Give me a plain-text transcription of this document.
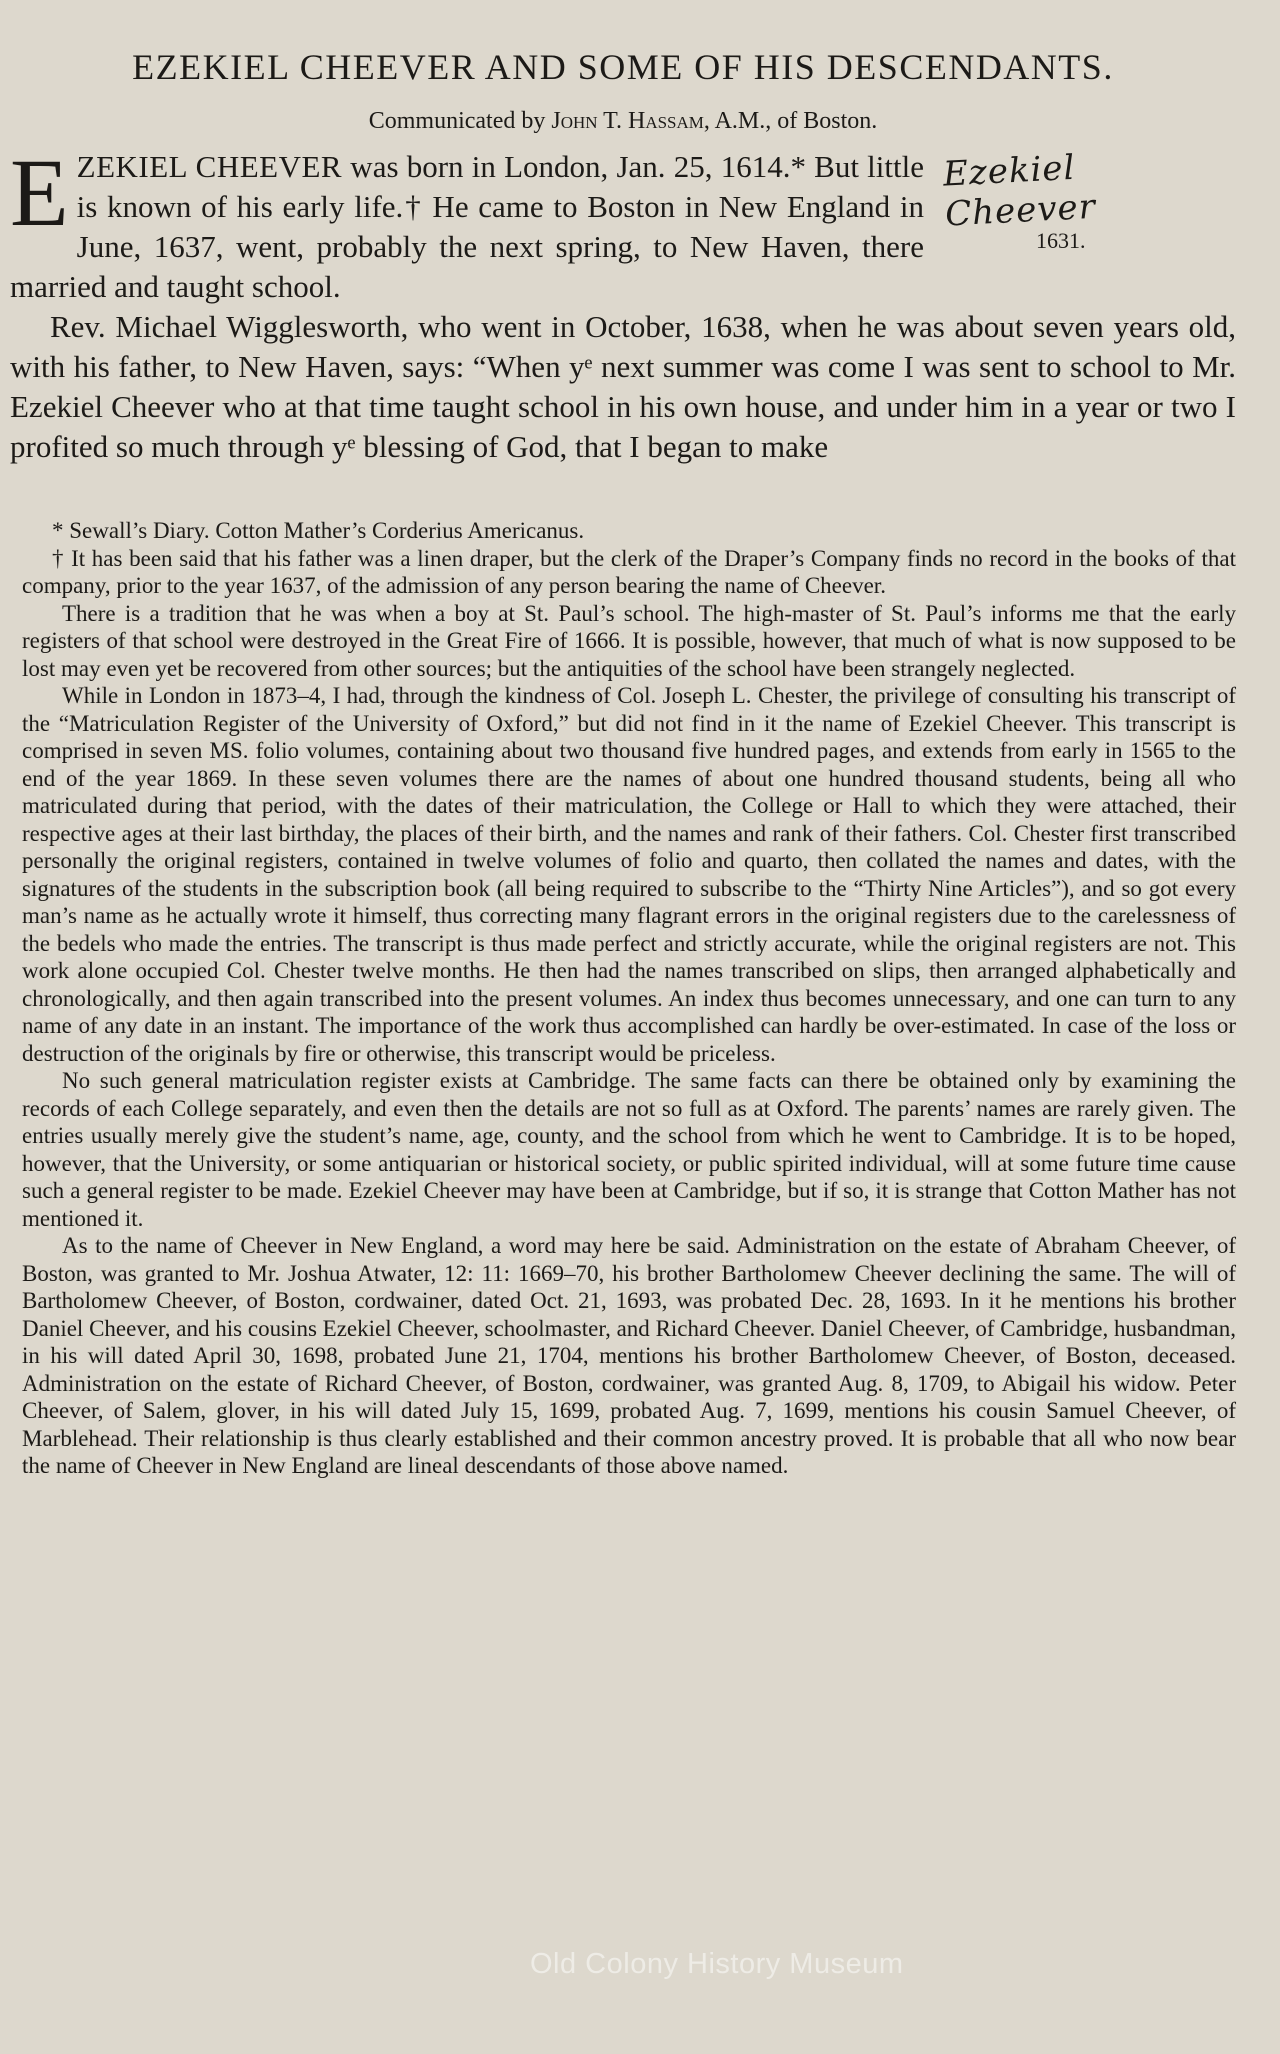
EZEKIEL CHEEVER AND SOME OF HIS DESCENDANTS.
Communicated by John T. Hassam, A.M., of Boston.
Ezekiel Cheever
1631.
E ZEKIEL CHEEVER was born in London, Jan. 25, 1614.* But little is known of his early life.† He came to Boston in New England in June, 1637, went, probably the next spring, to New Haven, there married and taught school.
Rev. Michael Wigglesworth, who went in October, 1638, when he was about seven years old, with his father, to New Haven, says: “When yᵉ next summer was come I was sent to school to Mr. Ezekiel Cheever who at that time taught school in his own house, and under him in a year or two I profited so much through yᵉ blessing of God, that I began to make

* Sewall’s Diary. Cotton Mather’s Corderius Americanus.

† It has been said that his father was a linen draper, but the clerk of the Draper’s Company finds no record in the books of that company, prior to the year 1637, of the admission of any person bearing the name of Cheever.

There is a tradition that he was when a boy at St. Paul’s school. The high-master of St. Paul’s informs me that the early registers of that school were destroyed in the Great Fire of 1666. It is possible, however, that much of what is now supposed to be lost may even yet be recovered from other sources; but the antiquities of the school have been strangely neglected.

While in London in 1873–4, I had, through the kindness of Col. Joseph L. Chester, the privilege of consulting his transcript of the “Matriculation Register of the University of Oxford,” but did not find in it the name of Ezekiel Cheever. This transcript is comprised in seven MS. folio volumes, containing about two thousand five hundred pages, and extends from early in 1565 to the end of the year 1869. In these seven volumes there are the names of about one hundred thousand students, being all who matriculated during that period, with the dates of their matriculation, the College or Hall to which they were attached, their respective ages at their last birthday, the places of their birth, and the names and rank of their fathers. Col. Chester first transcribed personally the original registers, contained in twelve volumes of folio and quarto, then collated the names and dates, with the signatures of the students in the subscription book (all being required to subscribe to the “Thirty Nine Articles”), and so got every man’s name as he actually wrote it himself, thus correcting many flagrant errors in the original registers due to the carelessness of the bedels who made the entries. The transcript is thus made perfect and strictly accurate, while the original registers are not. This work alone occupied Col. Chester twelve months. He then had the names transcribed on slips, then arranged alphabetically and chronologically, and then again transcribed into the present volumes. An index thus becomes unnecessary, and one can turn to any name of any date in an instant. The importance of the work thus accomplished can hardly be over-estimated. In case of the loss or destruction of the originals by fire or otherwise, this transcript would be priceless.

No such general matriculation register exists at Cambridge. The same facts can there be obtained only by examining the records of each College separately, and even then the details are not so full as at Oxford. The parents’ names are rarely given. The entries usually merely give the student’s name, age, county, and the school from which he went to Cambridge. It is to be hoped, however, that the University, or some antiquarian or historical society, or public spirited individual, will at some future time cause such a general register to be made. Ezekiel Cheever may have been at Cambridge, but if so, it is strange that Cotton Mather has not mentioned it.

As to the name of Cheever in New England, a word may here be said. Administration on the estate of Abraham Cheever, of Boston, was granted to Mr. Joshua Atwater, 12: 11: 1669–70, his brother Bartholomew Cheever declining the same. The will of Bartholomew Cheever, of Boston, cordwainer, dated Oct. 21, 1693, was probated Dec. 28, 1693. In it he mentions his brother Daniel Cheever, and his cousins Ezekiel Cheever, schoolmaster, and Richard Cheever. Daniel Cheever, of Cambridge, husbandman, in his will dated April 30, 1698, probated June 21, 1704, mentions his brother Bartholomew Cheever, of Boston, deceased. Administration on the estate of Richard Cheever, of Boston, cordwainer, was granted Aug. 8, 1709, to Abigail his widow. Peter Cheever, of Salem, glover, in his will dated July 15, 1699, probated Aug. 7, 1699, mentions his cousin Samuel Cheever, of Marblehead. Their relationship is thus clearly established and their common ancestry proved. It is probable that all who now bear the name of Cheever in New England are lineal descendants of those above named.

Old Colony History Museum
